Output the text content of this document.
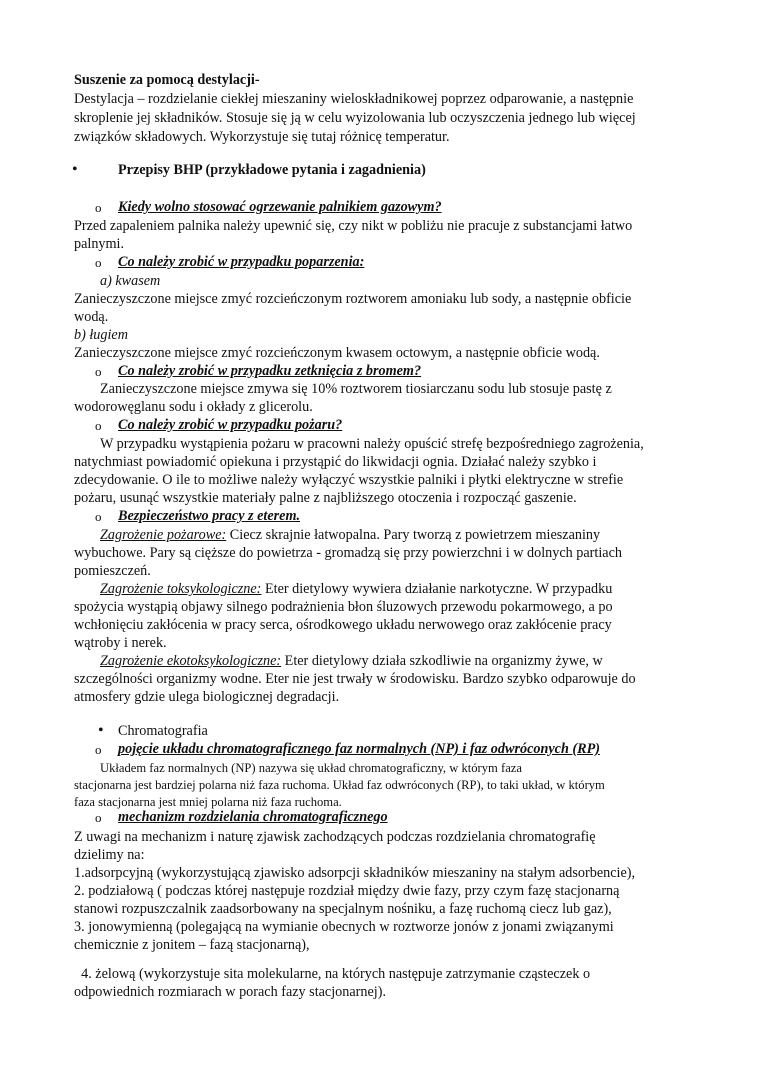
Suszenie za pomocą destylacji-
Destylacja – rozdzielanie ciekłej mieszaniny wieloskładnikowej poprzez odparowanie, a następnie
skroplenie jej składników. Stosuje się ją w celu wyizolowania lub oczyszczenia jednego lub więcej
związków składowych. Wykorzystuje się tutaj różnicę temperatur.
•	Przepisy BHP (przykładowe pytania i zagadnienia)
o Kiedy wolno stosować ogrzewanie palnikiem gazowym?
Przed zapaleniem palnika należy upewnić się, czy nikt w pobliżu nie pracuje z substancjami łatwo
palnymi.
o Co należy zrobić w przypadku poparzenia:
a) kwasem
Zanieczyszczone miejsce zmyć rozcieńczonym roztworem amoniaku lub sody, a następnie obficie
wodą.
b) ługiem
Zanieczyszczone miejsce zmyć rozcieńczonym kwasem octowym, a następnie obficie wodą.
o Co należy zrobić w przypadku zetknięcia z bromem?
Zanieczyszczone miejsce zmywa się 10% roztworem tiosiarczanu sodu lub stosuje pastę z
wodorowęglanu sodu i okłady z glicerolu.
o Co należy zrobić w przypadku pożaru?
W przypadku wystąpienia pożaru w pracowni należy opuścić strefę bezpośredniego zagrożenia,
natychmiast powiadomić opiekuna i przystąpić do likwidacji ognia. Działać należy szybko i
zdecydowanie. O ile to możliwe należy wyłączyć wszystkie palniki i płytki elektryczne w strefie
pożaru, usunąć wszystkie materiały palne z najbliższego otoczenia i rozpocząć gaszenie.
o Bezpieczeństwo pracy z eterem.
Zagrożenie pożarowe: Ciecz skrajnie łatwopalna. Pary tworzą z powietrzem mieszaniny
wybuchowe. Pary są cięższe do powietrza - gromadzą się przy powierzchni i w dolnych partiach
pomieszczeń.
Zagrożenie toksykologiczne: Eter dietylowy wywiera działanie narkotyczne. W przypadku
spożycia wystąpią objawy silnego podrażnienia błon śluzowych przewodu pokarmowego, a po
wchłonięciu zakłócenia w pracy serca, ośrodkowego układu nerwowego oraz zakłócenie pracy
wątroby i nerek.
Zagrożenie ekotoksykologiczne: Eter dietylowy działa szkodliwie na organizmy żywe, w
szczególności organizmy wodne. Eter nie jest trwały w środowisku. Bardzo szybko odparowuje do
atmosfery gdzie ulega biologicznej degradacji.
• Chromatografia
o pojęcie układu chromatograficznego faz normalnych (NP) i faz odwróconych (RP)
Układem faz normalnych (NP) nazywa się układ chromatograficzny, w którym faza
stacjonarna jest bardziej polarna niż faza ruchoma. Układ faz odwróconych (RP), to taki układ, w którym
faza stacjonarna jest mniej polarna niż faza ruchoma.
o mechanizm rozdzielania chromatograficznego
Z uwagi na mechanizm i naturę zjawisk zachodzących podczas rozdzielania chromatografię
dzielimy na:
1.adsorpcyjną (wykorzystującą zjawisko adsorpcji składników mieszaniny na stałym adsorbencie),
2. podziałową ( podczas której następuje rozdział między dwie fazy, przy czym fazę stacjonarną
stanowi rozpuszczalnik zaadsorbowany na specjalnym nośniku, a fazę ruchomą ciecz lub gaz),
3. jonowymienną (polegającą na wymianie obecnych w roztworze jonów z jonami związanymi
chemicznie z jonitem – fazą stacjonarną),
4. żelową (wykorzystuje sita molekularne, na których następuje zatrzymanie cząsteczek o
odpowiednich rozmiarach w porach fazy stacjonarnej).
